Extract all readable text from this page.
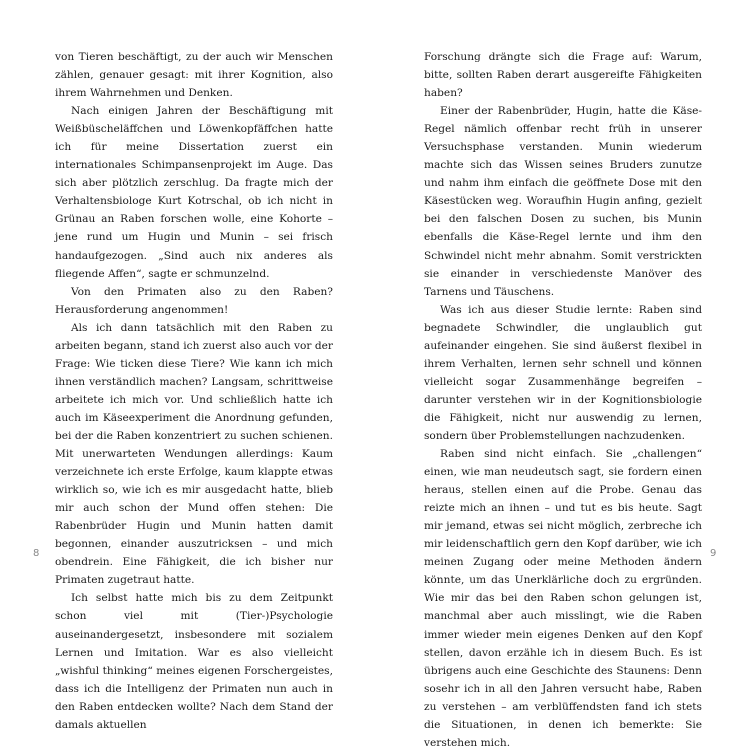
von Tieren beschäftigt, zu der auch wir Menschen zählen, genauer gesagt: mit ihrer Kognition, also ihrem Wahrnehmen und Denken.

Nach einigen Jahren der Beschäftigung mit Weißbüscheläffchen und Löwenkopfäffchen hatte ich für meine Dissertation zuerst ein internationales Schimpansenprojekt im Auge. Das sich aber plötzlich zerschlug. Da fragte mich der Verhaltensbiologe Kurt Kotrschal, ob ich nicht in Grünau an Raben forschen wolle, eine Kohorte – jene rund um Hugin und Munin – sei frisch handaufgezogen. „Sind auch nix anderes als fliegende Affen“, sagte er schmunzelnd.

Von den Primaten also zu den Raben? Herausforderung angenommen!

Als ich dann tatsächlich mit den Raben zu arbeiten begann, stand ich zuerst also auch vor der Frage: Wie ticken diese Tiere? Wie kann ich mich ihnen verständlich machen? Langsam, schrittweise arbeitete ich mich vor. Und schließlich hatte ich auch im Käseexperiment die Anordnung gefunden, bei der die Raben konzentriert zu suchen schienen. Mit unerwarteten Wendungen allerdings: Kaum verzeichnete ich erste Erfolge, kaum klappte etwas wirklich so, wie ich es mir ausgedacht hatte, blieb mir auch schon der Mund offen stehen: Die Rabenbrüder Hugin und Munin hatten damit begonnen, einander auszutricksen – und mich obendrein. Eine Fähigkeit, die ich bisher nur Primaten zugetraut hatte.

Ich selbst hatte mich bis zu dem Zeitpunkt schon viel mit (Tier-)Psychologie auseinandergesetzt, insbesondere mit sozialem Lernen und Imitation. War es also vielleicht „wishful thinking“ meines eigenen Forschergeistes, dass ich die Intelligenz der Primaten nun auch in den Raben entdecken wollte? Nach dem Stand der damals aktuellen

Forschung drängte sich die Frage auf: Warum, bitte, sollten Raben derart ausgereifte Fähigkeiten haben?

Einer der Rabenbrüder, Hugin, hatte die Käse-Regel nämlich offenbar recht früh in unserer Versuchsphase verstanden. Munin wiederum machte sich das Wissen seines Bruders zunutze und nahm ihm einfach die geöffnete Dose mit den Käsestücken weg. Woraufhin Hugin anfing, gezielt bei den falschen Dosen zu suchen, bis Munin ebenfalls die Käse-Regel lernte und ihm den Schwindel nicht mehr abnahm. Somit verstrickten sie einander in verschiedenste Manöver des Tarnens und Täuschens.

Was ich aus dieser Studie lernte: Raben sind begnadete Schwindler, die unglaublich gut aufeinander eingehen. Sie sind äußerst flexibel in ihrem Verhalten, lernen sehr schnell und können vielleicht sogar Zusammenhänge begreifen – darunter verstehen wir in der Kognitionsbiologie die Fähigkeit, nicht nur auswendig zu lernen, sondern über Problemstellungen nachzudenken.

Raben sind nicht einfach. Sie „challengen“ einen, wie man neudeutsch sagt, sie fordern einen heraus, stellen einen auf die Probe. Genau das reizte mich an ihnen – und tut es bis heute. Sagt mir jemand, etwas sei nicht möglich, zerbreche ich mir leidenschaftlich gern den Kopf darüber, wie ich meinen Zugang oder meine Methoden ändern könnte, um das Unerklärliche doch zu ergründen. Wie mir das bei den Raben schon gelungen ist, manchmal aber auch misslingt, wie die Raben immer wieder mein eigenes Denken auf den Kopf stellen, davon erzähle ich in diesem Buch. Es ist übrigens auch eine Geschichte des Staunens: Denn sosehr ich in all den Jahren versucht habe, Raben zu verstehen – am verblüffendsten fand ich stets die Situationen, in denen ich bemerkte: Sie verstehen mich.

8	9
